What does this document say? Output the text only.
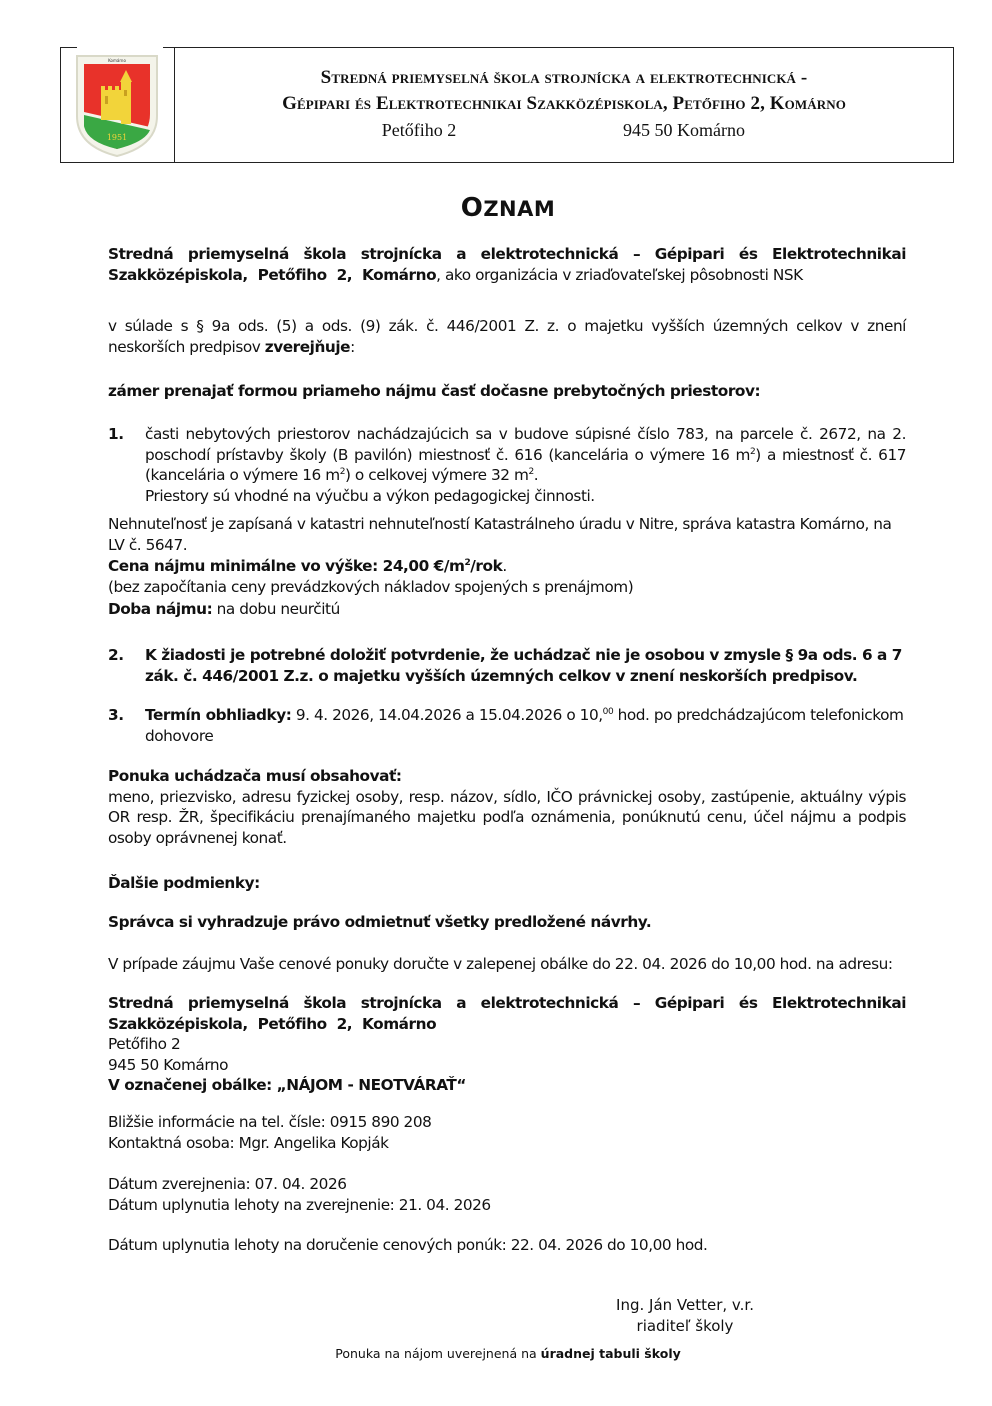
Komárno
1951
Stredná priemyselná škola strojnícka a elektrotechnická -
Gépipari és Elektrotechnikai Szakközépiskola, Petőfiho 2, Komárno
Petőfiho 2	945 50 Komárno
OZNAM
Stredná priemyselná škola strojnícka a elektrotechnická – Gépipari és Elektrotechnikai Szakközépiskola, Petőfiho 2, Komárno, ako organizácia v zriaďovateľskej pôsobnosti NSK
v súlade s § 9a ods. (5) a ods. (9) zák. č. 446/2001 Z. z. o majetku vyšších územných celkov v znení neskorších predpisov zverejňuje:
zámer prenajať formou priameho nájmu časť dočasne prebytočných priestorov:
1. časti nebytových priestorov nachádzajúcich sa v budove súpisné číslo 783, na parcele č. 2672, na 2. poschodí prístavby školy (B pavilón) miestnosť č. 616 (kancelária o výmere 16 $m^2$) a miestnosť č. 617 (kancelária o výmere 16 $m^2$) o celkovej výmere 32 $m^2$.
Priestory sú vhodné na výučbu a výkon pedagogickej činnosti.
Nehnuteľnosť je zapísaná v katastri nehnuteľností Katastrálneho úradu v Nitre, správa katastra Komárno, na LV č. 5647.
Cena nájmu minimálne vo výške: 24,00 $€/m^2$/rok.
(bez započítania ceny prevádzkových nákladov spojených s prenájmom)
Doba nájmu: na dobu neurčitú
2. K žiadosti je potrebné doložiť potvrdenie, že uchádzač nie je osobou v zmysle § 9a ods. 6 a 7 zák. č. 446/2001 Z.z. o majetku vyšších územných celkov v znení neskorších predpisov.
3. Termín obhliadky: 9. 4. 2026, 14.04.2026 a 15.04.2026 o 10,00 hod. po predchádzajúcom telefonickom dohovore
Ponuka uchádzača musí obsahovať:
meno, priezvisko, adresu fyzickej osoby, resp. názov, sídlo, IČO právnickej osoby, zastúpenie, aktuálny výpis OR resp. ŽR, špecifikáciu prenajímaného majetku podľa oznámenia, ponúknutú cenu, účel nájmu a podpis osoby oprávnenej konať.
Ďalšie podmienky:
Správca si vyhradzuje právo odmietnuť všetky predložené návrhy.
V prípade záujmu Vaše cenové ponuky doručte v zalepenej obálke do 22. 04. 2026 do 10,00 hod. na adresu:
Stredná priemyselná škola strojnícka a elektrotechnická – Gépipari és Elektrotechnikai Szakközépiskola, Petőfiho 2, Komárno
Petőfiho 2
945 50 Komárno
V označenej obálke: „NÁJOM - NEOTVÁRAŤ“
Bližšie informácie na tel. čísle: 0915 890 208
Kontaktná osoba: Mgr. Angelika Kopják
Dátum zverejnenia: 07. 04. 2026
Dátum uplynutia lehoty na zverejnenie: 21. 04. 2026
Dátum uplynutia lehoty na doručenie cenových ponúk: 22. 04. 2026 do 10,00 hod.
Ing. Ján Vetter, v.r.
riaditeľ školy
Ponuka na nájom uverejnená na úradnej tabuli školy
